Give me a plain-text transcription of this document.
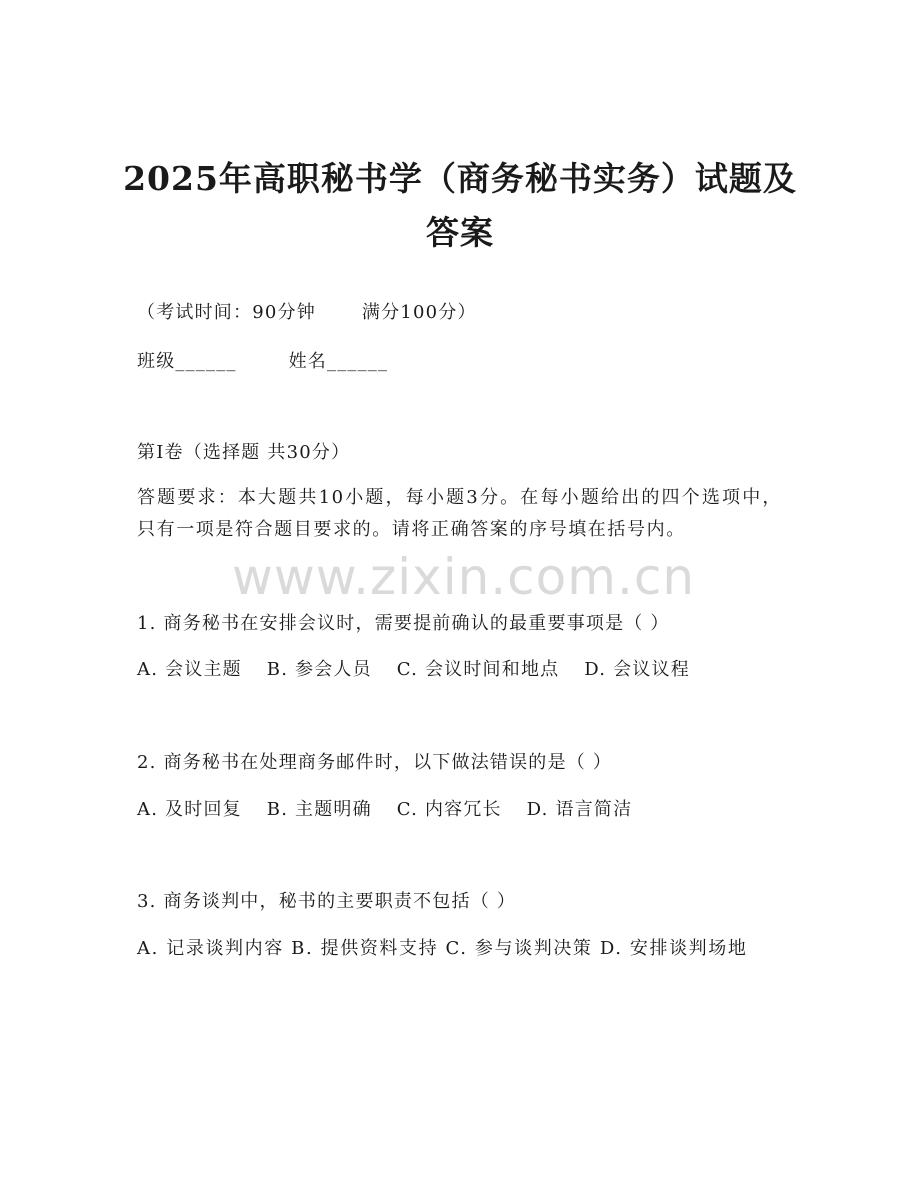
2025年高职秘书学（商务秘书实务）试题及
答案
（考试时间：90分钟	满分100分）
班级______	姓名______
第I卷（选择题 共30分）
答题要求：本大题共10小题，每小题3分。在每小题给出的四个选项中，只有一项是符合题目要求的。请将正确答案的序号填在括号内。
www.zixin.com.cn
1. 商务秘书在安排会议时，需要提前确认的最重要事项是（ ）
A. 会议主题 B. 参会人员 C. 会议时间和地点 D. 会议议程
2. 商务秘书在处理商务邮件时，以下做法错误的是（ ）
A. 及时回复 B. 主题明确 C. 内容冗长 D. 语言简洁
3. 商务谈判中，秘书的主要职责不包括（ ）
A. 记录谈判内容 B. 提供资料支持 C. 参与谈判决策 D. 安排谈判场地
